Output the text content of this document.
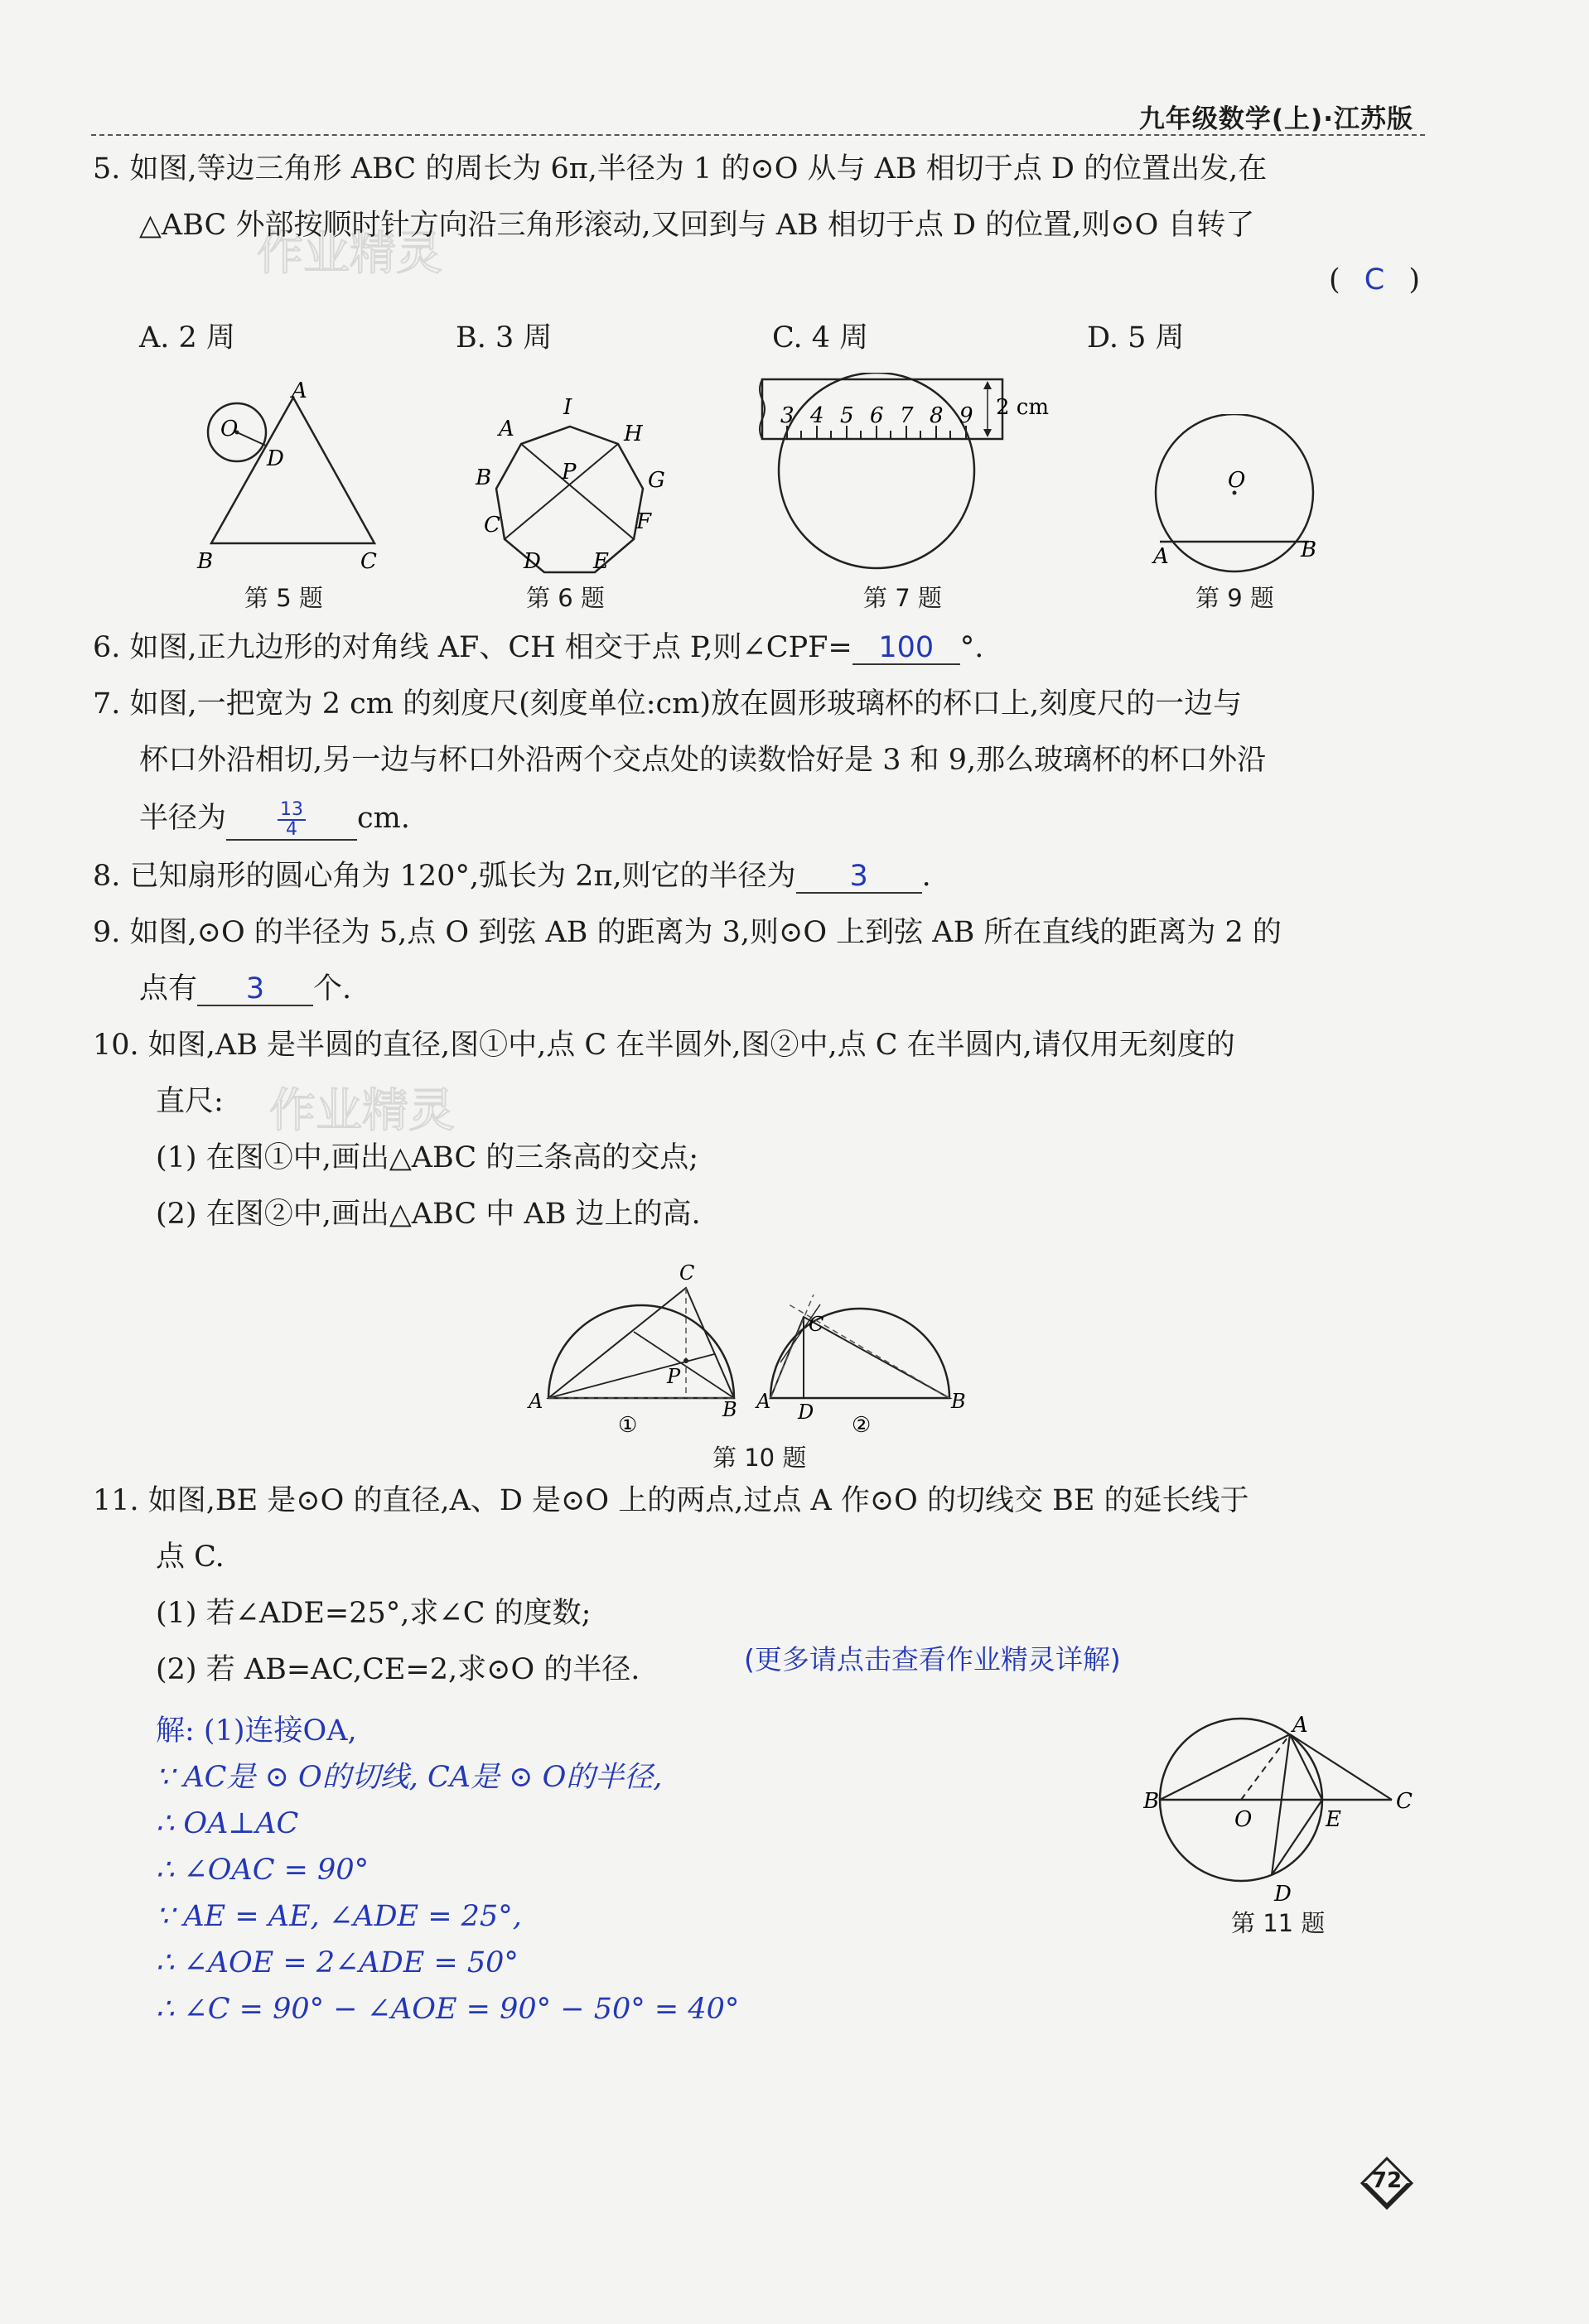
九年级数学(上)·江苏版
作业精灵
作业精灵
5. 如图,等边三角形 ABC 的周长为 6π,半径为 1 的⊙O 从与 AB 相切于点 D 的位置出发,在
△ABC 外部按顺时针方向沿三角形滚动,又回到与 AB 相切于点 D 的位置,则⊙O 自转了
( C )
A. 2 周	B. 3 周	C. 4 周	D. 5 周
A
D
O
B	C
第 5 题
I
H
G
F
E
D
C
B
A
P
第 6 题
3 4 5 6 7 8 9 2 cm
第 7 题
O
A	B
第 9 题
6. 如图,正九边形的对角线 AF、CH 相交于点 P,则∠CPF= 100 °.
7. 如图,一把宽为 2 cm 的刻度尺(刻度单位:cm)放在圆形玻璃杯的杯口上,刻度尺的一边与
杯口外沿相切,另一边与杯口外沿两个交点处的读数恰好是 3 和 9,那么玻璃杯的杯口外沿
半径为	$\frac{13}{4}$ cm.
8. 已知扇形的圆心角为 120°,弧长为 2π,则它的半径为 3 .
9. 如图,⊙O 的半径为 5,点 O 到弦 AB 的距离为 3,则⊙O 上到弦 AB 所在直线的距离为 2 的
点有 3 个.
10. 如图,AB 是半圆的直径,图①中,点 C 在半圆外,图②中,点 C 在半圆内,请仅用无刻度的
直尺:
(1) 在图①中,画出△ABC 的三条高的交点;
(2) 在图②中,画出△ABC 中 AB 边上的高.
A	B
C
P
①
A	B
C
D
②
第 10 题
11. 如图,BE 是⊙O 的直径,A、D 是⊙O 上的两点,过点 A 作⊙O 的切线交 BE 的延长线于
点 C.
(1) 若∠ADE=25°,求∠C 的度数;
(2) 若 AB=AC,CE=2,求⊙O 的半径.	(更多请点击查看作业精灵详解)
解: (1)连接OA,
∵ AC是 ⊙ O的切线, CA是 ⊙ O的半径,
∴ OA⊥AC
∴ ∠OAC = 90°
∵ AE = AE, ∠ADE = 25°,
∴ ∠AOE = 2∠ADE = 50°
∴ ∠C = 90° − ∠AOE = 90° − 50° = 40°
A
B	C
O	E
D
第 11 题
72
